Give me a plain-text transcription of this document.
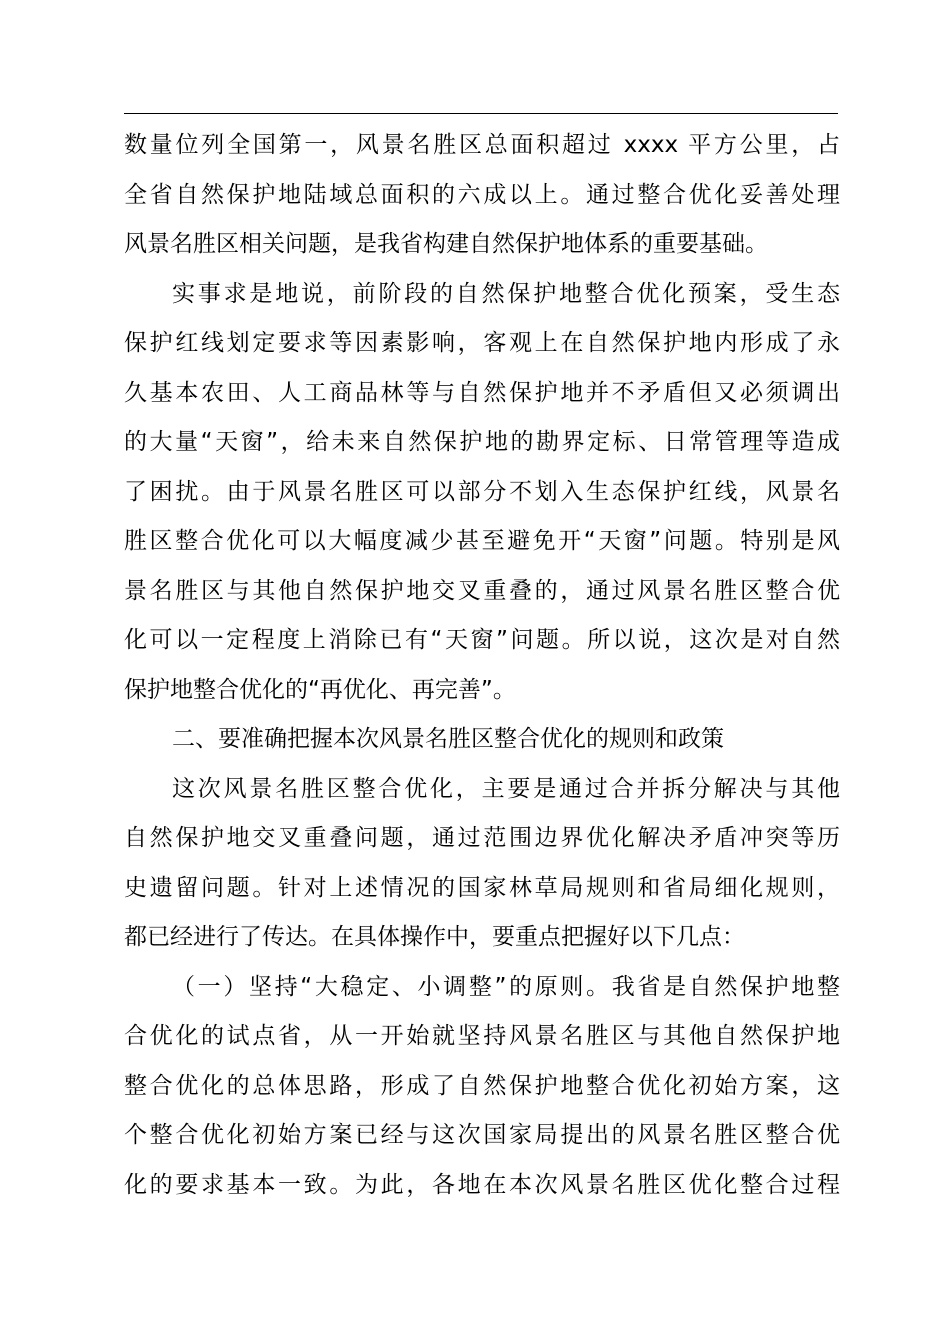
数量位列全国第一，风景名胜区总面积超过 xxxx 平方公里，占
全省自然保护地陆域总面积的六成以上。通过整合优化妥善处理
风景名胜区相关问题，是我省构建自然保护地体系的重要基础。
实事求是地说，前阶段的自然保护地整合优化预案，受生态
保护红线划定要求等因素影响，客观上在自然保护地内形成了永
久基本农田、人工商品林等与自然保护地并不矛盾但又必须调出
的大量“天窗”，给未来自然保护地的勘界定标、日常管理等造成
了困扰。由于风景名胜区可以部分不划入生态保护红线，风景名
胜区整合优化可以大幅度减少甚至避免开“天窗”问题。特别是风
景名胜区与其他自然保护地交叉重叠的，通过风景名胜区整合优
化可以一定程度上消除已有“天窗”问题。所以说，这次是对自然
保护地整合优化的“再优化、再完善”。
二、要准确把握本次风景名胜区整合优化的规则和政策
这次风景名胜区整合优化，主要是通过合并拆分解决与其他
自然保护地交叉重叠问题，通过范围边界优化解决矛盾冲突等历
史遗留问题。针对上述情况的国家林草局规则和省局细化规则，
都已经进行了传达。在具体操作中，要重点把握好以下几点：
（一）坚持“大稳定、小调整”的原则。我省是自然保护地整
合优化的试点省，从一开始就坚持风景名胜区与其他自然保护地
整合优化的总体思路，形成了自然保护地整合优化初始方案，这
个整合优化初始方案已经与这次国家局提出的风景名胜区整合优
化的要求基本一致。为此，各地在本次风景名胜区优化整合过程
